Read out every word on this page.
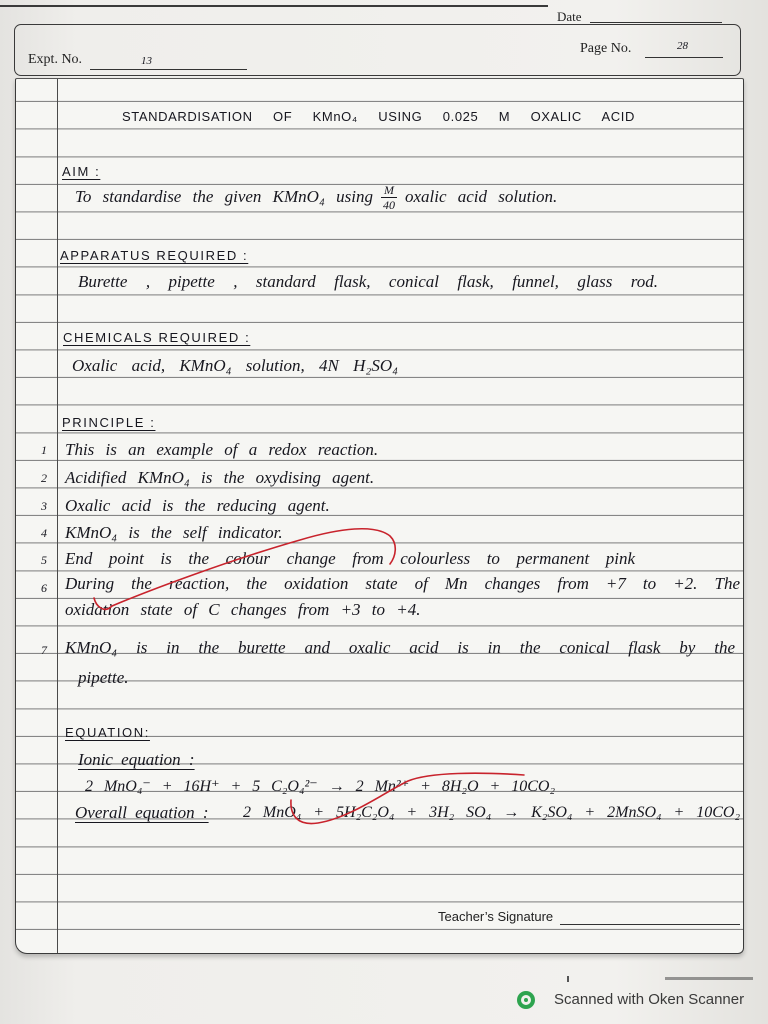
Date
Page No.	28
Expt. No.	13
STANDARDISATION OF KMnO₄ USING 0.025 M OXALIC ACID
AIM :
To standardise the given KMnO₄ using $\frac{M}{40}$ oxalic acid solution.
APPARATUS REQUIRED :
Burette , pipette , standard flask, conical flask, funnel, glass rod.
CHEMICALS REQUIRED :
Oxalic acid, KMnO₄ solution, 4N H₂SO₄
PRINCIPLE :
1 This is an example of a redox reaction.
2 Acidified KMnO₄ is the oxydising agent.
3 Oxalic acid is the reducing agent.
4 KMnO₄ is the self indicator.
5 End point is the colour change from colourless to permanent pink
6 During the reaction, the oxidation state of Mn changes from +7 to +2. The
oxidation state of C changes from +3 to +4.
7 KMnO₄ is in the burette and oxalic acid is in the conical flask by the
pipette.
EQUATION:
Ionic equation :
2 MnO₄⁻ + 16H⁺ + 5 C₂O₄²⁻ → 2 Mn²⁺ + 8H₂O + 10CO₂
Overall equation : 2 MnO₄ + 5H₂C₂O₄ + 3H₂ SO₄ → K₂SO₄ + 2MnSO₄ + 10CO₂
Teacher’s Signature
Scanned with Oken Scanner
